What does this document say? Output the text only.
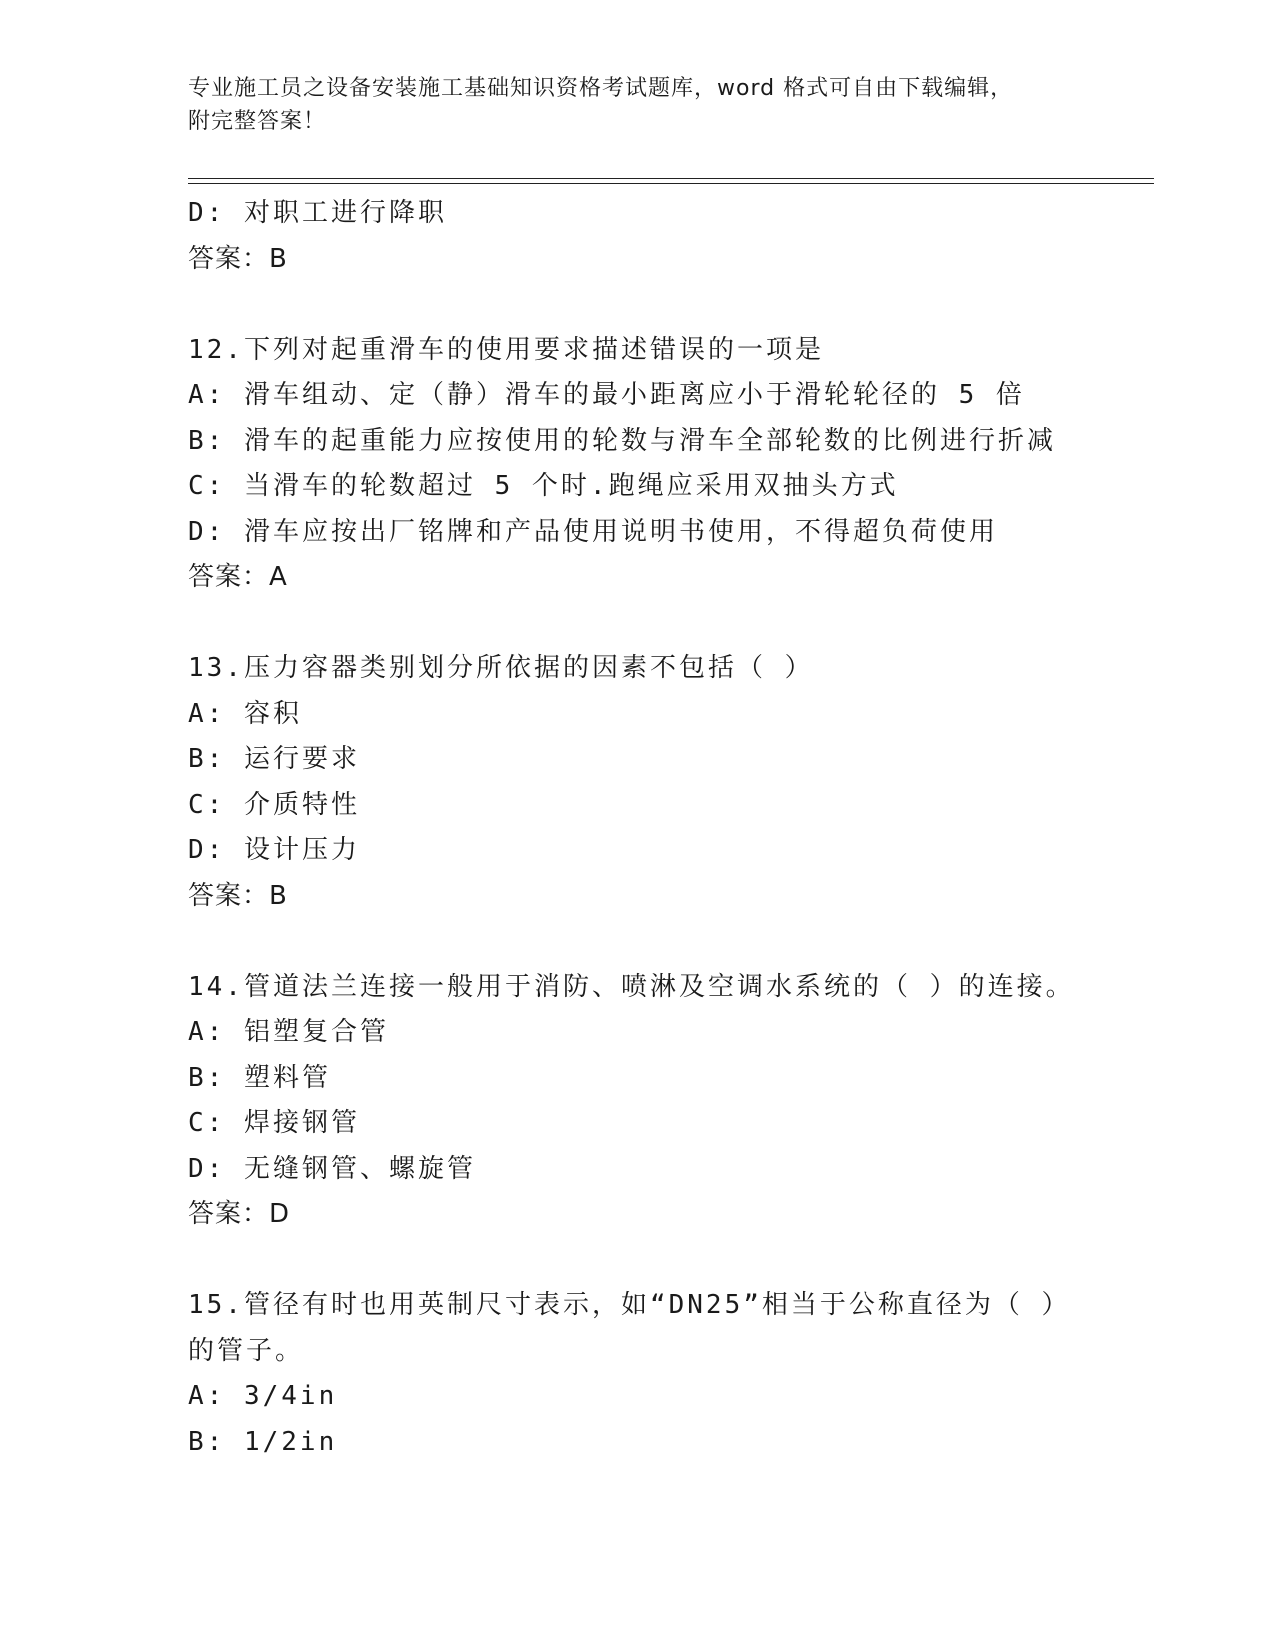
专业施工员之设备安装施工基础知识资格考试题库，word 格式可自由下载编辑，
附完整答案！
D: 对职工进行降职
答案：B
12.下列对起重滑车的使用要求描述错误的一项是
A: 滑车组动、定（静）滑车的最小距离应小于滑轮轮径的 5 倍
B: 滑车的起重能力应按使用的轮数与滑车全部轮数的比例进行折减
C: 当滑车的轮数超过 5 个时.跑绳应采用双抽头方式
D: 滑车应按出厂铭牌和产品使用说明书使用，不得超负荷使用
答案：A
13.压力容器类别划分所依据的因素不包括（ ）
A: 容积
B: 运行要求
C: 介质特性
D: 设计压力
答案：B
14.管道法兰连接一般用于消防、喷淋及空调水系统的（ ）的连接。
A: 铝塑复合管
B: 塑料管
C: 焊接钢管
D: 无缝钢管、螺旋管
答案：D
15.管径有时也用英制尺寸表示，如“DN25”相当于公称直径为（ ）
的管子。
A: 3/4in
B: 1/2in
